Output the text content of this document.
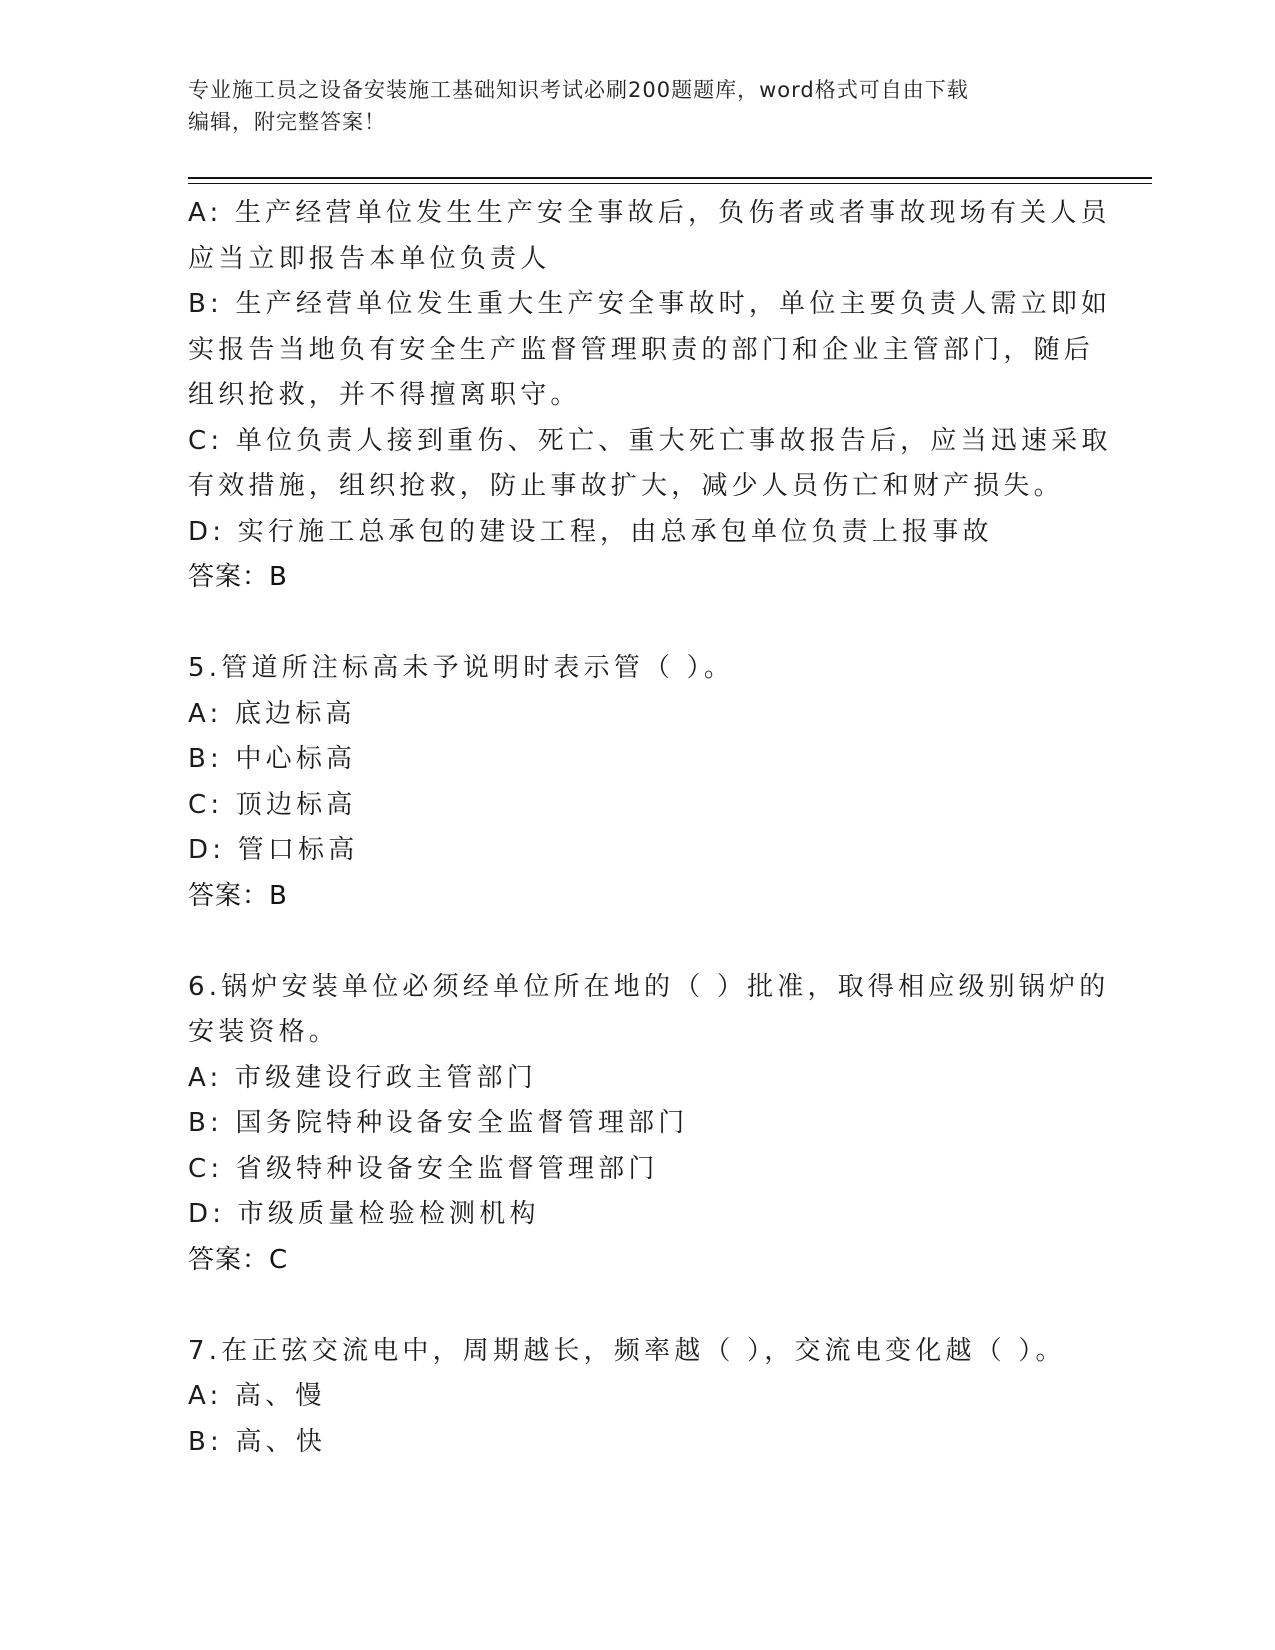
专业施工员之设备安装施工基础知识考试必刷200题题库，word格式可自由下载
编辑，附完整答案！
A: 生产经营单位发生生产安全事故后，负伤者或者事故现场有关人员
应当立即报告本单位负责人
B: 生产经营单位发生重大生产安全事故时，单位主要负责人需立即如
实报告当地负有安全生产监督管理职责的部门和企业主管部门，随后
组织抢救，并不得擅离职守。
C: 单位负责人接到重伤、死亡、重大死亡事故报告后，应当迅速采取
有效措施，组织抢救，防止事故扩大，减少人员伤亡和财产损失。
D: 实行施工总承包的建设工程，由总承包单位负责上报事故
答案：B
5.管道所注标高未予说明时表示管（ ）。
A: 底边标高
B: 中心标高
C: 顶边标高
D: 管口标高
答案：B
6.锅炉安装单位必须经单位所在地的（ ）批准，取得相应级别锅炉的
安装资格。
A: 市级建设行政主管部门
B: 国务院特种设备安全监督管理部门
C: 省级特种设备安全监督管理部门
D: 市级质量检验检测机构
答案：C
7.在正弦交流电中，周期越长，频率越（ ），交流电变化越（ ）。
A: 高、慢
B: 高、快
